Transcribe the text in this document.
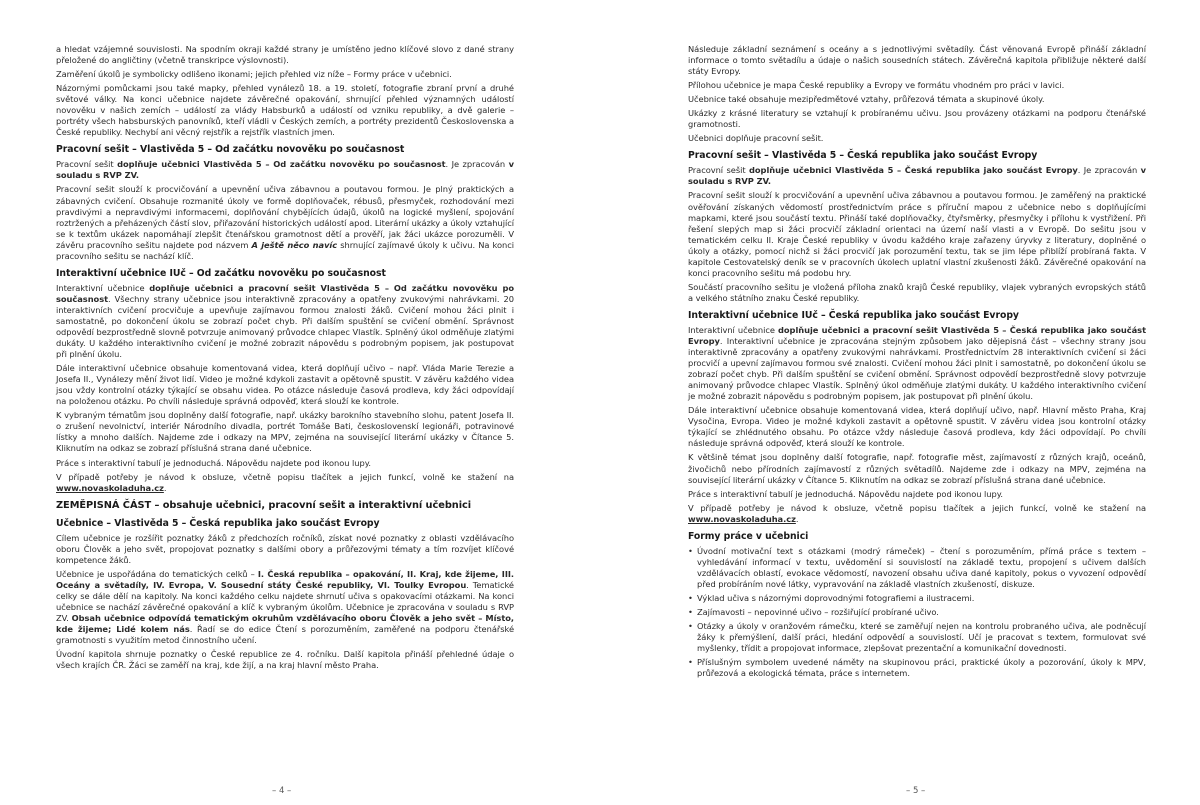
a hledat vzájemné souvislosti. Na spodním okraji každé strany je umístěno jedno klíčové slovo z dané strany přeložené do angličtiny (včetně transkripce výslovnosti).

Zaměření úkolů je symbolicky odlišeno ikonami; jejich přehled viz níže – Formy práce v učebnici.

Názornými pomůckami jsou také mapky, přehled vynálezů 18. a 19. století, fotografie zbraní první a druhé světové války. Na konci učebnice najdete závěrečné opakování, shrnující přehled významných událostí novověku v našich zemích – událostí za vlády Habsburků a událostí od vzniku republiky, a dvě galerie – portréty všech habsburských panovníků, kteří vládli v Českých zemích, a portréty prezidentů Československa a České republiky. Nechybí ani věcný rejstřík a rejstřík vlastních jmen.

Pracovní sešit – Vlastivěda 5 – Od začátku novověku po současnost

Pracovní sešit doplňuje učebnici Vlastivěda 5 – Od začátku novověku po současnost. Je zpracován v souladu s RVP ZV.

Pracovní sešit slouží k procvičování a upevnění učiva zábavnou a poutavou formou. Je plný praktických a zábavných cvičení. Obsahuje rozmanité úkoly ve formě doplňovaček, rébusů, přesmyček, rozhodování mezi pravdivými a nepravdivými informacemi, doplňování chybějících údajů, úkolů na logické myšlení, spojování roztržených a přeházených částí slov, přiřazování historických událostí apod. Literární ukázky a úkoly vztahující se k textům ukázek napomáhají zlepšit čtenářskou gramotnost dětí a prověří, jak žáci ukázce porozuměli. V závěru pracovního sešitu najdete pod názvem A ještě něco navíc shrnující zajímavé úkoly k učivu. Na konci pracovního sešitu se nachází klíč.

Interaktivní učebnice IUč – Od začátku novověku po současnost

Interaktivní učebnice doplňuje učebnici a pracovní sešit Vlastivěda 5 – Od začátku novověku po současnost. Všechny strany učebnice jsou interaktivně zpracovány a opatřeny zvukovými nahrávkami. 20 interaktivních cvičení procvičuje a upevňuje zajímavou formou znalosti žáků. Cvičení mohou žáci plnit i samostatně, po dokončení úkolu se zobrazí počet chyb. Při dalším spuštění se cvičení obmění. Správnost odpovědí bezprostředně slovně potvrzuje animovaný průvodce chlapec Vlastík. Splněný úkol odměňuje zlatými dukáty. U každého interaktivního cvičení je možné zobrazit nápovědu s podrobným popisem, jak postupovat při plnění úkolu.

Dále interaktivní učebnice obsahuje komentovaná videa, která doplňují učivo – např. Vláda Marie Terezie a Josefa II., Vynálezy mění život lidí. Video je možné kdykoli zastavit a opětovně spustit. V závěru každého videa jsou vždy kontrolní otázky týkající se obsahu videa. Po otázce následuje časová prodleva, kdy žáci odpovídají na položenou otázku. Po chvíli následuje správná odpověď, která slouží ke kontrole.

K vybraným tématům jsou doplněny další fotografie, např. ukázky barokního stavebního slohu, patent Josefa II. o zrušení nevolnictví, interiér Národního divadla, portrét Tomáše Bati, československí legionáři, potravinové lístky a mnoho dalších. Najdeme zde i odkazy na MPV, zejména na související literární ukázky v Čítance 5. Kliknutím na odkaz se zobrazí příslušná strana dané učebnice.

Práce s interaktivní tabulí je jednoduchá. Nápovědu najdete pod ikonou lupy.

V případě potřeby je návod k obsluze, včetně popisu tlačítek a jejich funkcí, volně ke stažení na www.novaskoladuha.cz.

ZEMĚPISNÁ ČÁST – obsahuje učebnici, pracovní sešit a interaktivní učebnici
Učebnice – Vlastivěda 5 – Česká republika jako součást Evropy

Cílem učebnice je rozšířit poznatky žáků z předchozích ročníků, získat nové poznatky z oblasti vzdělávacího oboru Člověk a jeho svět, propojovat poznatky s dalšími obory a průřezovými tématy a tím rozvíjet klíčové kompetence žáků.

Učebnice je uspořádána do tematických celků – I. Česká republika – opakování, II. Kraj, kde žijeme, III. Oceány a světadíly, IV. Evropa, V. Sousední státy České republiky, VI. Toulky Evropou. Tematické celky se dále dělí na kapitoly. Na konci každého celku najdete shrnutí učiva s opakovacími otázkami. Na konci učebnice se nachází závěrečné opakování a klíč k vybraným úkolům. Učebnice je zpracována v souladu s RVP ZV. Obsah učebnice odpovídá tematickým okruhům vzdělávacího oboru Člověk a jeho svět – Místo, kde žijeme; Lidé kolem nás. Řadí se do edice Čtení s porozuměním, zaměřené na podporu čtenářské gramotnosti s využitím metod činnostního učení.

Úvodní kapitola shrnuje poznatky o České republice ze 4. ročníku. Další kapitola přináší přehledné údaje o všech krajích ČR. Žáci se zaměří na kraj, kde žijí, a na kraj hlavní město Praha.

Následuje základní seznámení s oceány a s jednotlivými světadíly. Část věnovaná Evropě přináší základní informace o tomto světadílu a údaje o našich sousedních státech. Závěrečná kapitola přibližuje některé další státy Evropy.

Přílohou učebnice je mapa České republiky a Evropy ve formátu vhodném pro práci v lavici.

Učebnice také obsahuje mezipředmětové vztahy, průřezová témata a skupinové úkoly.

Ukázky z krásné literatury se vztahují k probíranému učivu. Jsou provázeny otázkami na podporu čtenářské gramotnosti.

Učebnici doplňuje pracovní sešit.

Pracovní sešit – Vlastivěda 5 – Česká republika jako součást Evropy

Pracovní sešit doplňuje učebnici Vlastivěda 5 – Česká republika jako součást Evropy. Je zpracován v souladu s RVP ZV.

Pracovní sešit slouží k procvičování a upevnění učiva zábavnou a poutavou formou. Je zaměřený na praktické ověřování získaných vědomostí prostřednictvím práce s příruční mapou z učebnice nebo s doplňujícími mapkami, které jsou součástí textu. Přináší také doplňovačky, čtyřsměrky, přesmyčky i přílohu k vystřižení. Při řešení slepých map si žáci procvičí základní orientaci na území naší vlasti a v Evropě. Do sešitu jsou v tematickém celku II. Kraje České republiky v úvodu každého kraje zařazeny úryvky z literatury, doplněné o úkoly a otázky, pomocí nichž si žáci procvičí jak porozumění textu, tak se jim lépe přiblíží probíraná fakta. V kapitole Cestovatelský deník se v pracovních úkolech uplatní vlastní zkušenosti žáků. Závěrečné opakování na konci pracovního sešitu má podobu hry.

Součástí pracovního sešitu je vložená příloha znaků krajů České republiky, vlajek vybraných evropských států a velkého státního znaku České republiky.

Interaktivní učebnice IUč – Česká republika jako součást Evropy

Interaktivní učebnice doplňuje učebnici a pracovní sešit Vlastivěda 5 – Česká republika jako součást Evropy. Interaktivní učebnice je zpracována stejným způsobem jako dějepisná část – všechny strany jsou interaktivně zpracovány a opatřeny zvukovými nahrávkami. Prostřednictvím 28 interaktivních cvičení si žáci procvičí a upevní zajímavou formou své znalosti. Cvičení mohou žáci plnit i samostatně, po dokončení úkolu se zobrazí počet chyb. Při dalším spuštění se cvičení obmění. Správnost odpovědí bezprostředně slovy potvrzuje animovaný průvodce chlapec Vlastík. Splněný úkol odměňuje zlatými dukáty. U každého interaktivního cvičení je možné zobrazit nápovědu s podrobným popisem, jak postupovat při plnění úkolu.

Dále interaktivní učebnice obsahuje komentovaná videa, která doplňují učivo, např. Hlavní město Praha, Kraj Vysočina, Evropa. Video je možné kdykoli zastavit a opětovně spustit. V závěru videa jsou kontrolní otázky týkající se zhlédnutého obsahu. Po otázce vždy následuje časová prodleva, kdy žáci odpovídají. Po chvíli následuje správná odpověď, která slouží ke kontrole.

K většině témat jsou doplněny další fotografie, např. fotografie měst, zajímavostí z různých krajů, oceánů, živočichů nebo přírodních zajímavostí z různých světadílů. Najdeme zde i odkazy na MPV, zejména na související literární ukázky v Čítance 5. Kliknutím na odkaz se zobrazí příslušná strana dané učebnice.

Práce s interaktivní tabulí je jednoduchá. Nápovědu najdete pod ikonou lupy.

V případě potřeby je návod k obsluze, včetně popisu tlačítek a jejich funkcí, volně ke stažení na www.novaskoladuha.cz.

Formy práce v učebnici
• Úvodní motivační text s otázkami (modrý rámeček) – čtení s porozuměním, přímá práce s textem – vyhledávání informací v textu, uvědomění si souvislostí na základě textu, propojení s učivem dalších vzdělávacích oblastí, evokace vědomostí, navození obsahu učiva dané kapitoly, pokus o vyvození odpovědí před probíráním nové látky, vypravování na základě vlastních zkušeností, diskuze.
• Výklad učiva s názornými doprovodnými fotografiemi a ilustracemi.
• Zajímavosti – nepovinné učivo – rozšiřující probírané učivo.
• Otázky a úkoly v oranžovém rámečku, které se zaměřují nejen na kontrolu probraného učiva, ale podněcují žáky k přemýšlení, další práci, hledání odpovědí a souvislostí. Učí je pracovat s textem, formulovat své myšlenky, třídit a propojovat informace, zlepšovat prezentační a komunikační dovednosti.
• Příslušným symbolem uvedené náměty na skupinovou práci, praktické úkoly a pozorování, úkoly k MPV, průřezová a ekologická témata, práce s internetem.
– 4 –	– 5 –
